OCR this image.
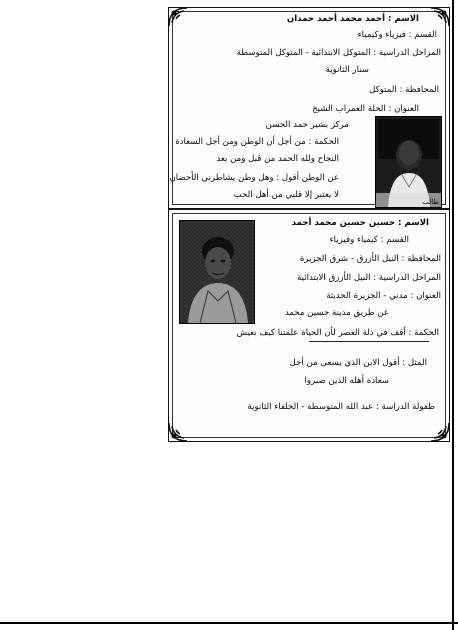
الاسم : أحمد محمد أحمد حمدان
القسم : فيزياء وكيمياء
المراحل الدراسية : المتوكل الابتدائية - المتوكل المتوسطة
سنار الثانوية
المحافظة : المتوكل
العنوان : الحلة العمراب الشيخ
مركز بشير حمد الحسن
الحكمة : من أجل أن الوطن ومن أجل السعادة
النجاح ولله الحمد من قبل ومن بعد
عن الوطن أقول : وهل وطن يشاطرني الأحضان
لا يعتبر إلا قلبي من أهل الحب
طالب
الاسم : حسين حسين محمد أحمد
القسم : كيمياء وفيزياء
المحافظة : النيل الأزرق - شرق الجزيرة
المراحل الدراسية : النيل الأزرق الابتدائية
العنوان : مدني - الجزيرة الحديثة
عن طريق مدينة حسين محمد
الحكمة : أقف في ذلة العصر لأن الحياة علمتنا كيف نعيش
المثل : أقول الابن الذي يسعى من أجل
سعادة أهله الذين صبروا
طفولة الدراسة : عبد الله المتوسطة - الخلفاء الثانوية
